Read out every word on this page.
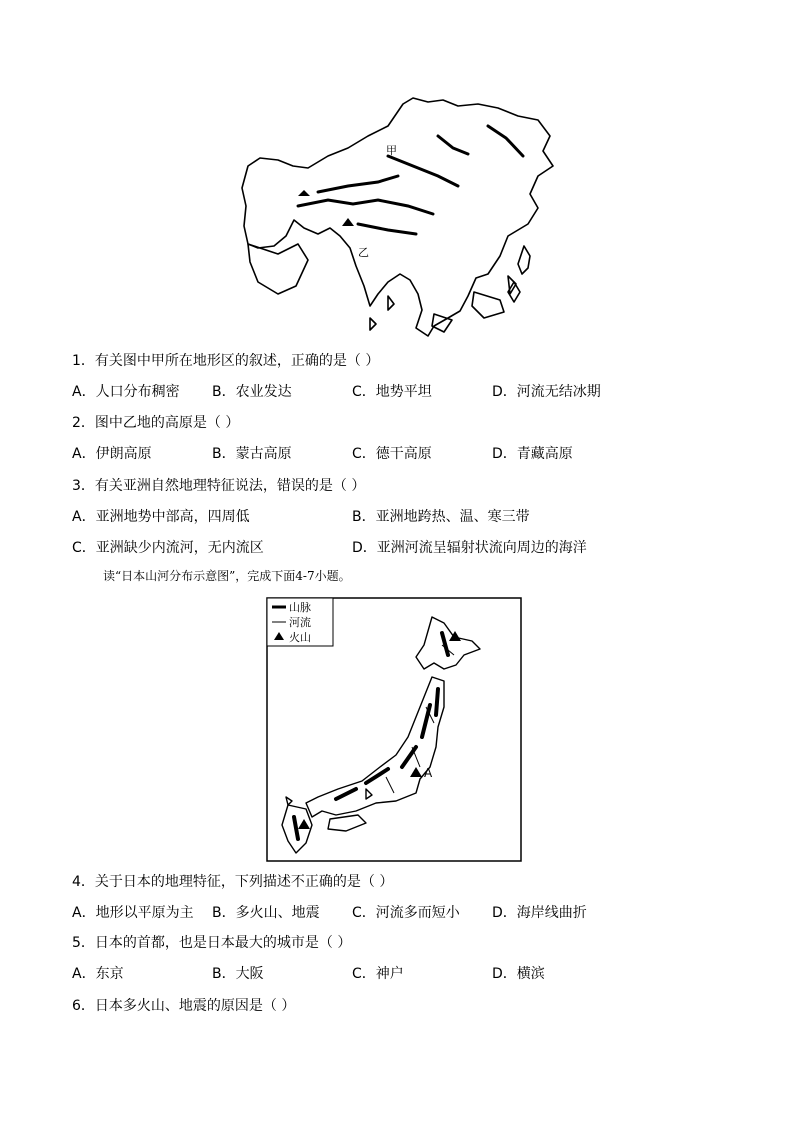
甲
乙
1．有关图中甲所在地形区的叙述，正确的是（ ）
A．人口分布稠密 B．农业发达	C．地势平坦	D．河流无结冰期
2．图中乙地的高原是（ ）
A．伊朗高原	B．蒙古高原	C．德干高原	D．青藏高原
3．有关亚洲自然地理特征说法，错误的是（ ）
A．亚洲地势中部高，四周低	B．亚洲地跨热、温、寒三带
C．亚洲缺少内流河，无内流区	D．亚洲河流呈辐射状流向周边的海洋
读“日本山河分布示意图”，完成下面4-7小题。
山脉
河流
火山
A
4．关于日本的地理特征，下列描述不正确的是（ ）
A．地形以平原为主 B．多火山、地震 C．河流多而短小 D．海岸线曲折
5．日本的首都，也是日本最大的城市是（ ）
A．东京	B．大阪	C．神户	D．横滨
6．日本多火山、地震的原因是（ ）
